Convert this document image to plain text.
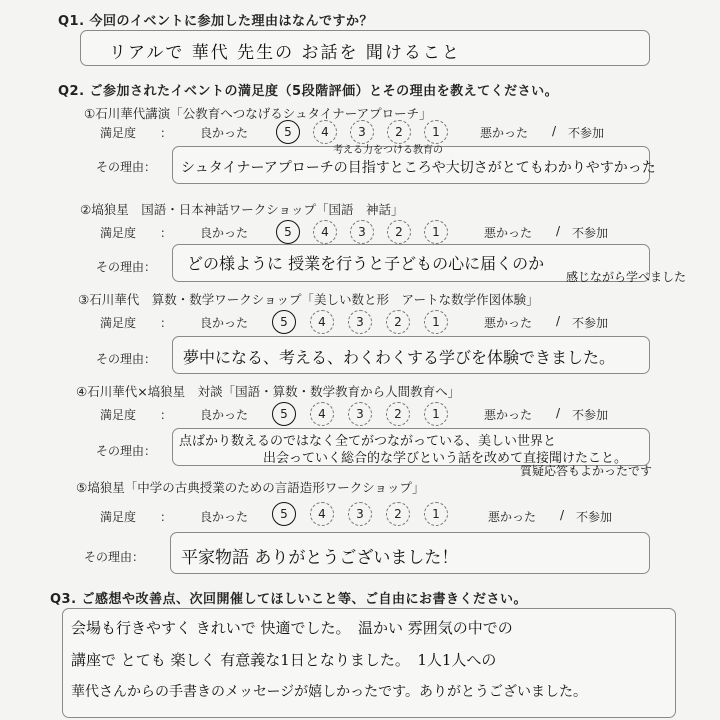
Q1. 今回のイベントに参加した理由はなんですか？
リアルで 華代 先生の お話を 聞けること
Q2. ご参加されたイベントの満足度（5段階評価）とその理由を教えてください。
①石川華代講演「公教育へつなげるシュタイナーアプローチ」
満足度 ： 良かった	5	4	3	2	1	悪かった / 不参加
その理由：
考える力をつける教育の
シュタイナーアプローチの目指すところや大切さがとてもわかりやすかった
②塙狼星　国語・日本神話ワークショップ「国語　神話」
満足度 ： 良かった	5	4	3	2	1	悪かった / 不参加
その理由： どの様ように 授業を行うと子どもの心に届くのか
感じながら学べました
③石川華代　算数・数学ワークショップ「美しい数と形　アートな数学作図体験」
満足度 ： 良かった	5	4	3	2	1	悪かった / 不参加
その理由： 夢中になる、考える、わくわくする学びを体験できました。
④石川華代×塙狼星　対談「国語・算数・数学教育から人間教育へ」
満足度 ： 良かった	5	4	3	2	1	悪かった / 不参加
その理由：
点ばかり数えるのではなく全てがつながっている、美しい世界と
出会っていく総合的な学びという話を改めて直接聞けたこと。
質疑応答もよかったです
⑤塙狼星「中学の古典授業のための言語造形ワークショップ」
満足度 ： 良かった	5	4	3	2	1	悪かった / 不参加
その理由： 平家物語 ありがとうございました！
Q3. ご感想や改善点、次回開催してほしいこと等、ご自由にお書きください。
会場も行きやすく きれいで 快適でした。　温かい 雰囲気の中での
講座で とても 楽しく 有意義な1日となりました。　1人1人への
華代さんからの手書きのメッセージが嬉しかったです。ありがとうございました。
